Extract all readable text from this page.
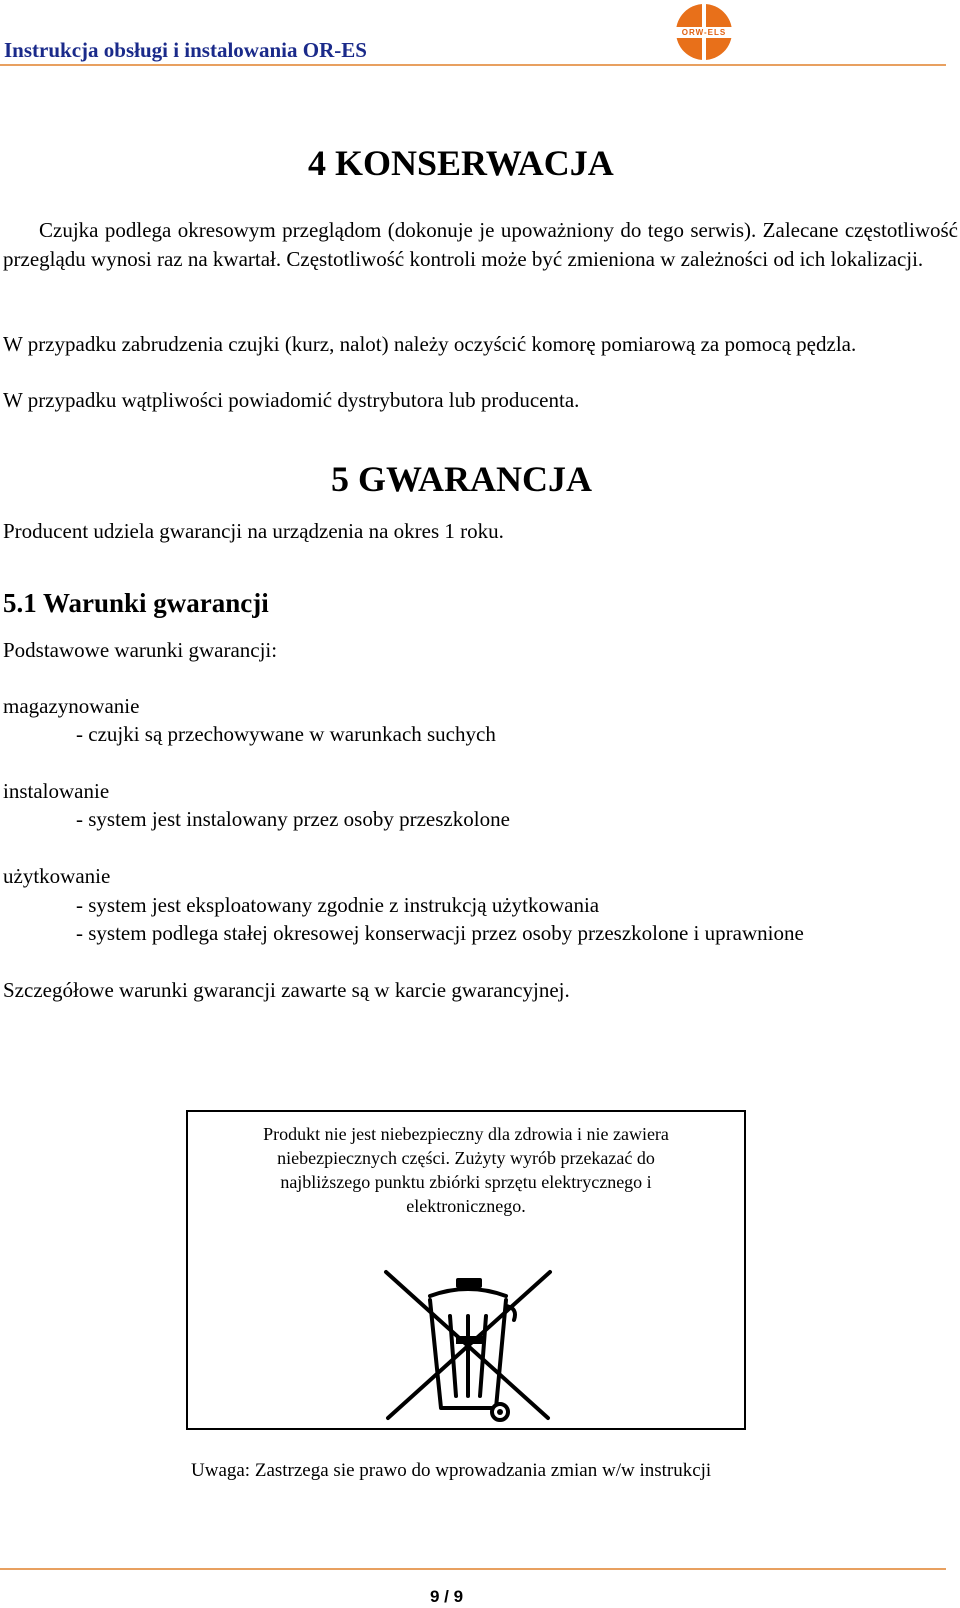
Instrukcja obsługi i instalowania OR-ES
ORW-ELS
4 KONSERWACJA
Czujka podlega okresowym przeglądom (dokonuje je upoważniony do tego serwis). Zalecane częstotliwość przeglądu wynosi raz na kwartał. Częstotliwość kontroli może być zmieniona w zależności od ich lokalizacji.
W przypadku zabrudzenia czujki (kurz, nalot) należy oczyścić komorę pomiarową za pomocą pędzla.
W przypadku wątpliwości powiadomić dystrybutora lub producenta.
5 GWARANCJA
Producent udziela gwarancji na urządzenia na okres 1 roku.
5.1 Warunki gwarancji
Podstawowe warunki gwarancji:
magazynowanie
- czujki są przechowywane w warunkach suchych
instalowanie
- system jest instalowany przez osoby przeszkolone
użytkowanie
- system jest eksploatowany zgodnie z instrukcją użytkowania
- system podlega stałej okresowej konserwacji przez osoby przeszkolone i uprawnione
Szczegółowe warunki gwarancji zawarte są w karcie gwarancyjnej.
Produkt nie jest niebezpieczny dla zdrowia i nie zawiera
niebezpiecznych części. Zużyty wyrób przekazać do
najbliższego punktu zbiórki sprzętu elektrycznego i
elektronicznego.
Uwaga: Zastrzega sie prawo do wprowadzania zmian w/w instrukcji
9 / 9
